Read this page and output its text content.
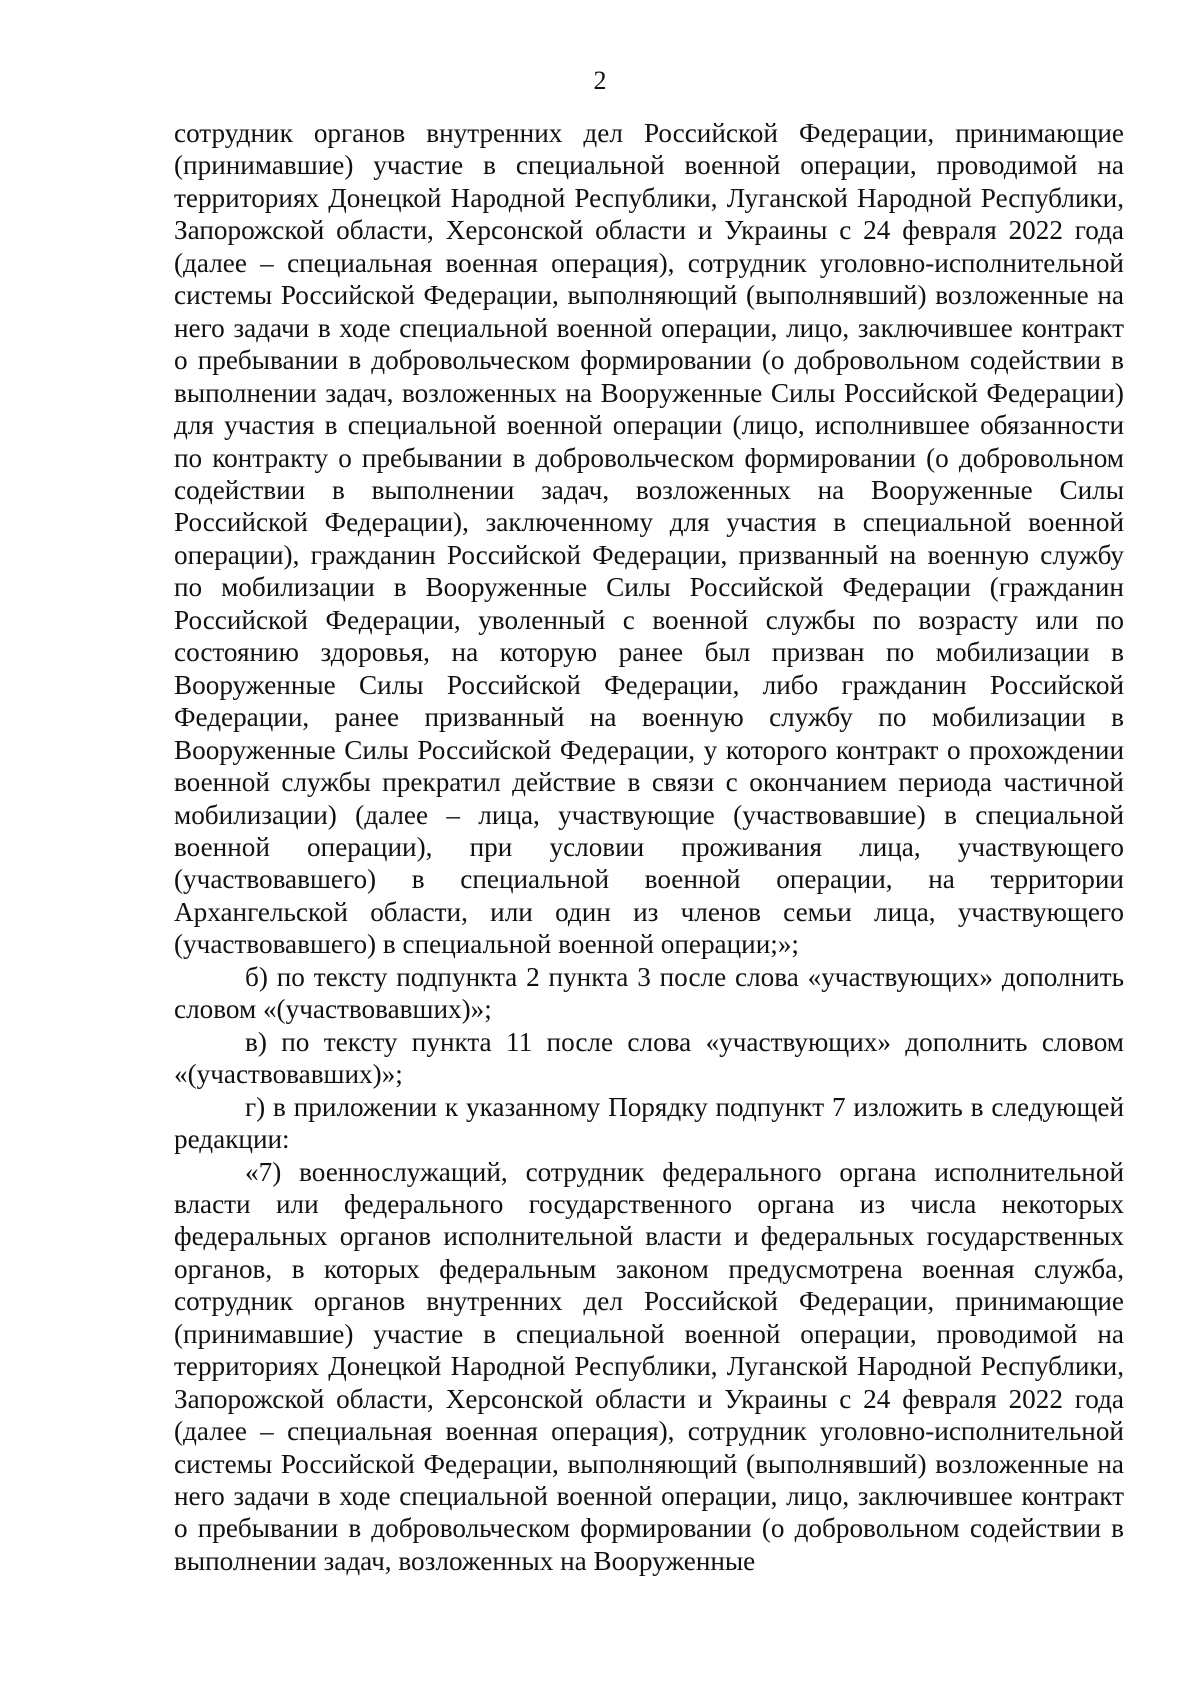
2

сотрудник органов внутренних дел Российской Федерации, принимающие (принимавшие) участие в специальной военной операции, проводимой на территориях Донецкой Народной Республики, Луганской Народной Республики, Запорожской области, Херсонской области и Украины с 24 февраля 2022 года (далее – специальная военная операция), сотрудник уголовно-исполнительной системы Российской Федерации, выполняющий (выполнявший) возложенные на него задачи в ходе специальной военной операции, лицо, заключившее контракт о пребывании в добровольческом формировании (о добровольном содействии в выполнении задач, возложенных на Вооруженные Силы Российской Федерации) для участия в специальной военной операции (лицо, исполнившее обязанности по контракту о пребывании в добровольческом формировании (о добровольном содействии в выполнении задач, возложенных на Вооруженные Силы Российской Федерации), заключенному для участия в специальной военной операции), гражданин Российской Федерации, призванный на военную службу по мобилизации в Вооруженные Силы Российской Федерации (гражданин Российской Федерации, уволенный с военной службы по возрасту или по состоянию здоровья, на которую ранее был призван по мобилизации в Вооруженные Силы Российской Федерации, либо гражданин Российской Федерации, ранее призванный на военную службу по мобилизации в Вооруженные Силы Российской Федерации, у которого контракт о прохождении военной службы прекратил действие в связи с окончанием периода частичной мобилизации) (далее – лица, участвующие (участвовавшие) в специальной военной операции), при условии проживания лица, участвующего (участвовавшего) в специальной военной операции, на территории Архангельской области, или один из членов семьи лица, участвующего (участвовавшего) в специальной военной операции;»;

б) по тексту подпункта 2 пункта 3 после слова «участвующих» дополнить словом «(участвовавших)»;

в) по тексту пункта 11 после слова «участвующих» дополнить словом «(участвовавших)»;

г) в приложении к указанному Порядку подпункт 7 изложить в следующей редакции:

«7) военнослужащий, сотрудник федерального органа исполнительной власти или федерального государственного органа из числа некоторых федеральных органов исполнительной власти и федеральных государственных органов, в которых федеральным законом предусмотрена военная служба, сотрудник органов внутренних дел Российской Федерации, принимающие (принимавшие) участие в специальной военной операции, проводимой на территориях Донецкой Народной Республики, Луганской Народной Республики, Запорожской области, Херсонской области и Украины с 24 февраля 2022 года (далее – специальная военная операция), сотрудник уголовно-исполнительной системы Российской Федерации, выполняющий (выполнявший) возложенные на него задачи в ходе специальной военной операции, лицо, заключившее контракт о пребывании в добровольческом формировании (о добровольном содействии в выполнении задач, возложенных на Вооруженные
